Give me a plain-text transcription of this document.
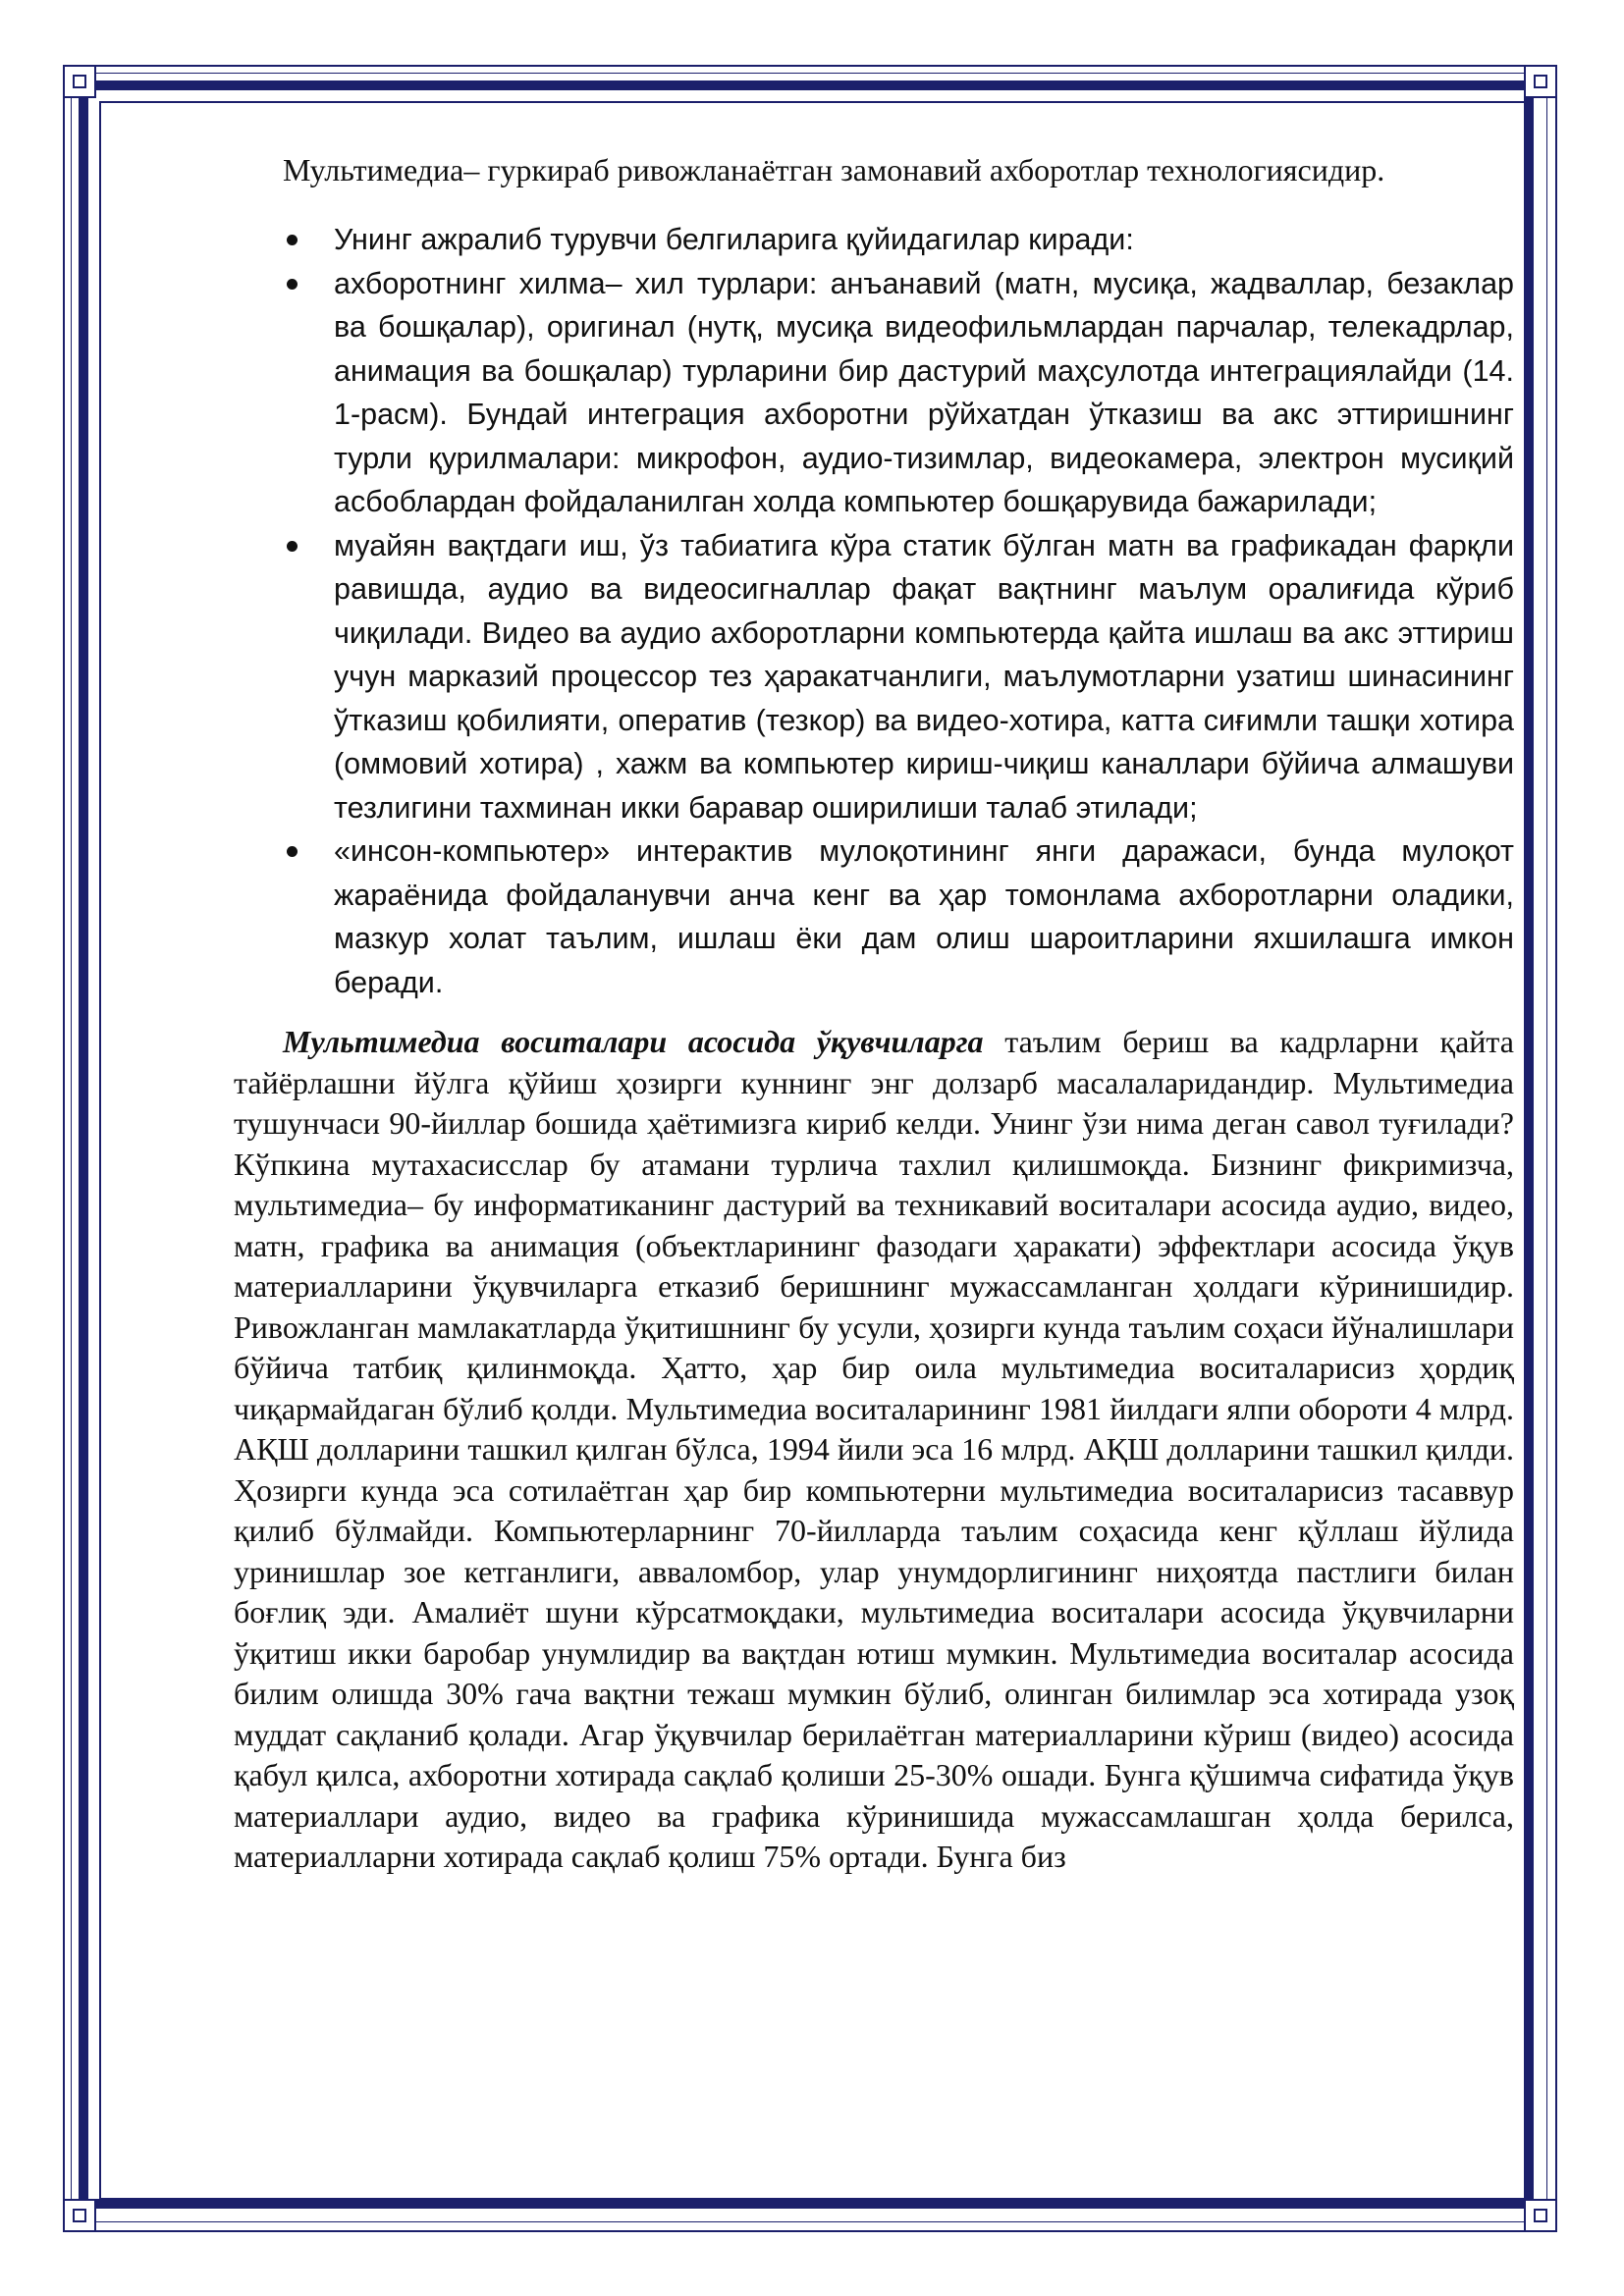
Мультимедиа– гуркираб ривожланаётган замонавий ахборотлар технологиясидир.

Унинг ажралиб турувчи белгиларига қуйидагилар киради:
ахборотнинг хилма– хил турлари: анъанавий (матн, мусиқа, жадваллар, безаклар ва бошқалар), оригинал (нутқ, мусиқа видеофильмлардан парчалар, телекадрлар, анимация ва бошқалар) турларини бир дастурий маҳсулотда интеграциялайди (14. 1-расм). Бундай интеграция ахборотни рўйхатдан ўтказиш ва акс эттиришнинг турли қурилмалари: микрофон, аудио-тизимлар, видеокамера, электрон мусиқий асбоблардан фойдаланилган холда компьютер бошқарувида бажарилади;
муайян вақтдаги иш, ўз табиатига кўра статик бўлган матн ва графикадан фарқли равишда, аудио ва видеосигналлар фақат вақтнинг маълум оралиғида кўриб чиқилади. Видео ва аудио ахборотларни компьютерда қайта ишлаш ва акс эттириш учун марказий процессор тез ҳаракатчанлиги, маълумотларни узатиш шинасининг ўтказиш қобилияти, оператив (тезкор) ва видео-хотира, катта сиғимли ташқи хотира (оммовий хотира) , хажм ва компьютер кириш-чиқиш каналлари бўйича алмашуви тезлигини тахминан икки баравар оширилиши талаб этилади;
«инсон-компьютер» интерактив мулоқотининг янги даражаси, бунда мулоқот жараёнида фойдаланувчи анча кенг ва ҳар томонлама ахборотларни оладики, мазкур холат таълим, ишлаш ёки дам олиш шароитларини яхшилашга имкон беради.

Мультимедиа воситалари асосида ўқувчиларга таълим бериш ва кадрларни қайта тайёрлашни йўлга қўйиш ҳозирги куннинг энг долзарб масалаларидандир. Мультимедиа тушунчаси 90-йиллар бошида ҳаётимизга кириб келди. Унинг ўзи нима деган савол туғилади? Кўпкина мутахасисслар бу атамани турлича тахлил қилишмоқда. Бизнинг фикримизча, мультимедиа– бу информатиканинг дастурий ва техникавий воситалари асосида аудио, видео, матн, графика ва анимация (объектларининг фазодаги ҳаракати) эффектлари асосида ўқув материалларини ўқувчиларга етказиб беришнинг мужассамланган ҳолдаги кўринишидир. Ривожланган мамлакатларда ўқитишнинг бу усули, ҳозирги кунда таълим соҳаси йўналишлари бўйича татбиқ қилинмоқда. Ҳатто, ҳар бир оила мультимедиа воситаларисиз ҳордиқ чиқармайдаган бўлиб қолди. Мультимедиа воситаларининг 1981 йилдаги ялпи обороти 4 млрд. АҚШ долларини ташкил қилган бўлса, 1994 йили эса 16 млрд. АҚШ долларини ташкил қилди. Ҳозирги кунда эса сотилаётган ҳар бир компьютерни мультимедиа воситаларисиз тасаввур қилиб бўлмайди. Компьютерларнинг 70-йилларда таълим соҳасида кенг қўллаш йўлида уринишлар зое кетганлиги, авваломбор, улар унумдорлигининг ниҳоятда пастлиги билан боғлиқ эди. Амалиёт шуни кўрсатмоқдаки, мультимедиа воситалари асосида ўқувчиларни ўқитиш икки баробар унумлидир ва вақтдан ютиш мумкин. Мультимедиа воситалар асосида билим олишда 30% гача вақтни тежаш мумкин бўлиб, олинган билимлар эса хотирада узоқ муддат сақланиб қолади. Агар ўқувчилар берилаётган материалларини кўриш (видео) асосида қабул қилса, ахборотни хотирада сақлаб қолиши 25-30% ошади. Бунга қўшимча сифатида ўқув материаллари аудио, видео ва графика кўринишида мужассамлашган ҳолда берилса, материалларни хотирада сақлаб қолиш 75% ортади. Бунга биз
